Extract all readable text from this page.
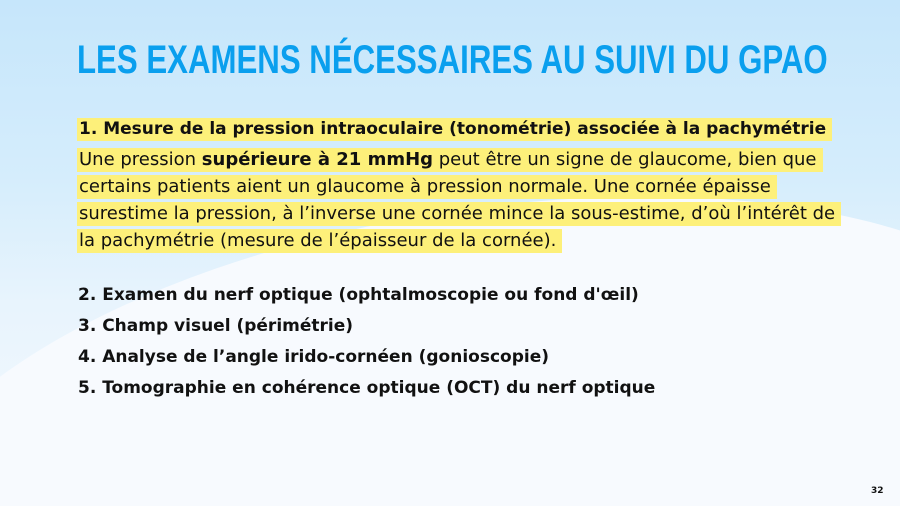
LES EXAMENS NÉCESSAIRES AU SUIVI DU GPAO

1. Mesure de la pression intraoculaire (tonométrie) associée à la pachymétrie

Une pression supérieure à 21 mmHg peut être un signe de glaucome, bien que certains patients aient un glaucome à pression normale. Une cornée épaisse surestime la pression, à l’inverse une cornée mince la sous-estime, d’où l’intérêt de la pachymétrie (mesure de l’épaisseur de la cornée).

2. Examen du nerf optique (ophtalmoscopie ou fond d'œil)
3. Champ visuel (périmétrie)
4. Analyse de l’angle irido-cornéen (gonioscopie)
5. Tomographie en cohérence optique (OCT) du nerf optique
32
